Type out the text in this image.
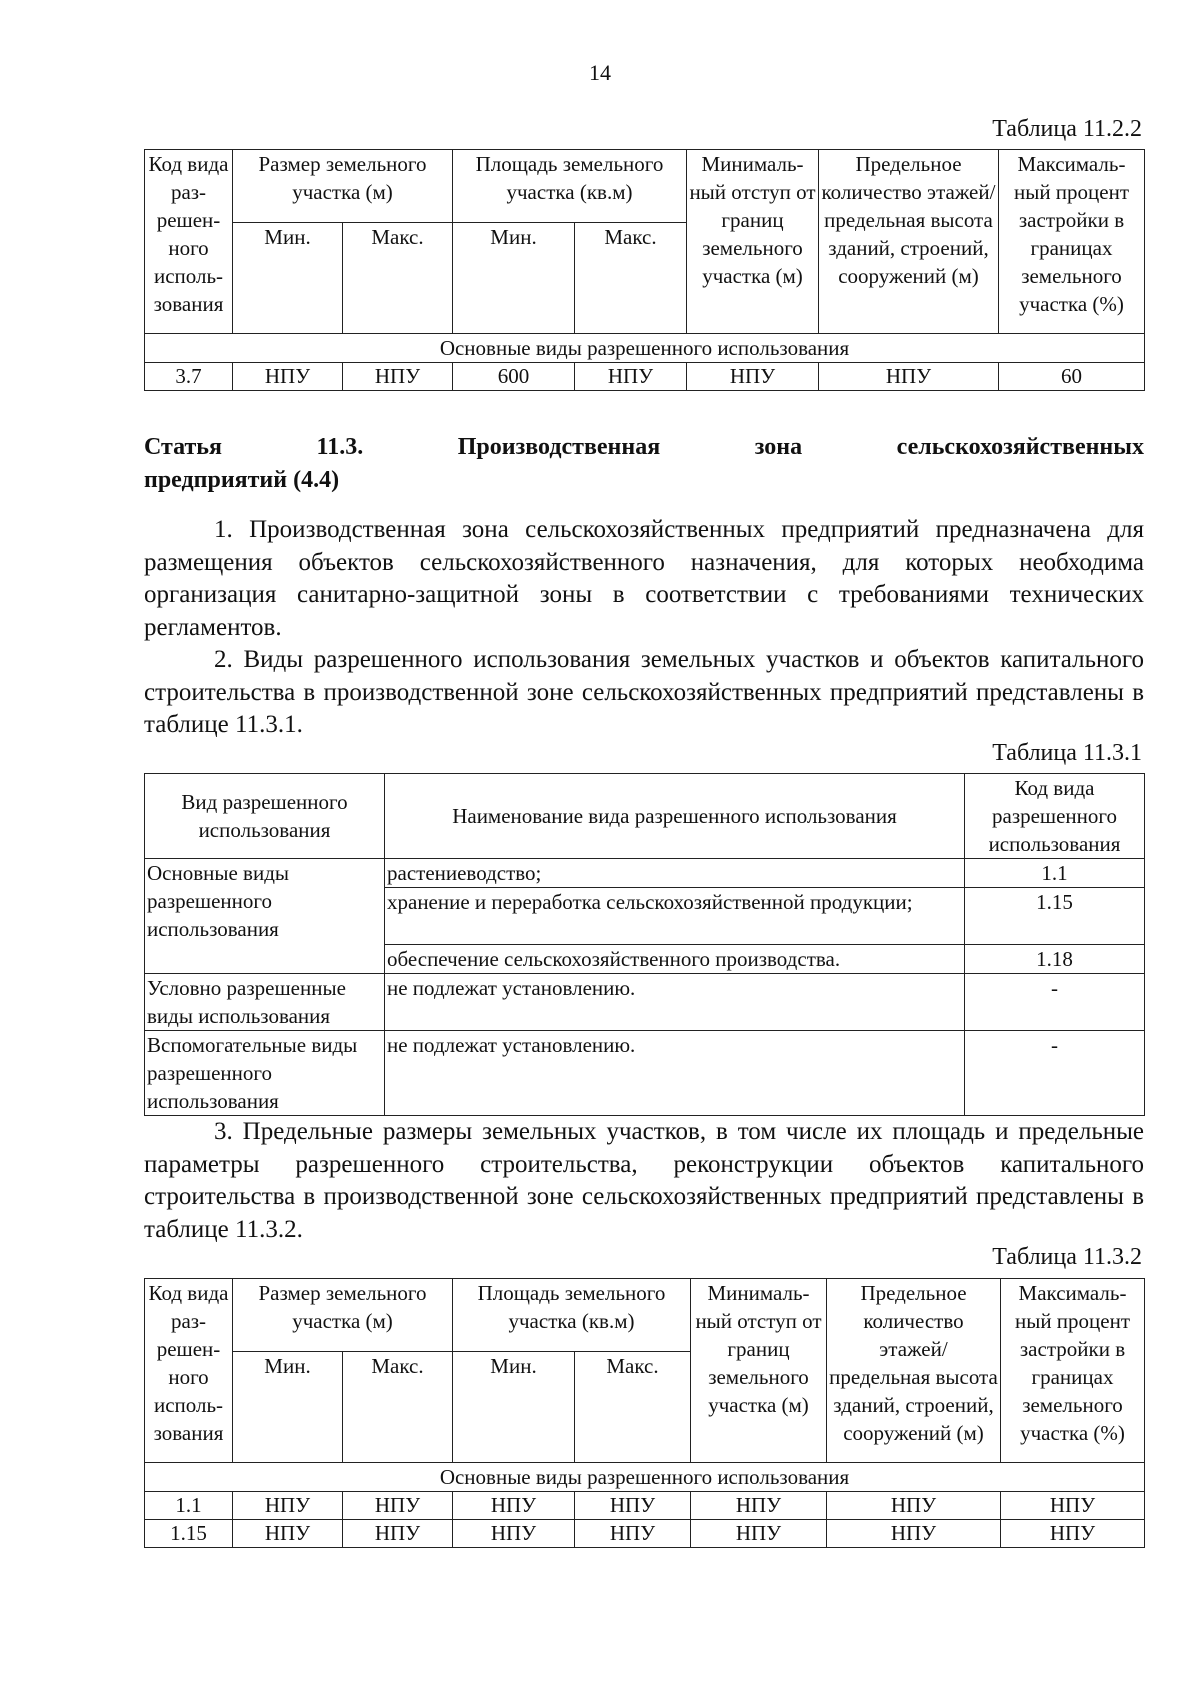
14
Таблица 11.2.2
Код вида раз-решен-ного исполь-зования	Размер земельного участка (м)		Площадь земельного участка (кв.м)		Минималь-ный отступ от границ земельного участка (м)	Предельное количество этажей/ предельная высота зданий, строений, сооружений (м)	Максималь-ный процент застройки в границах земельного участка (%)
	Мин.	Макс.	Мин.	Макс.			
Основные виды разрешенного использования							
3.7	НПУ	НПУ	600	НПУ	НПУ	НПУ	60
Статья	11.3.	Производственная	зона	сельскохозяйственных
предприятий (4.4)

1. Производственная зона сельскохозяйственных предприятий предназначена для размещения объектов сельскохозяйственного назначения, для которых необходима организация санитарно-защитной зоны в соответствии с требованиями технических регламентов.

2. Виды разрешенного использования земельных участков и объектов капитального строительства в производственной зоне сельскохозяйственных предприятий представлены в таблице 11.3.1.

Таблица 11.3.1
Вид разрешенного использования	Наименование вида разрешенного использования	Код вида разрешенного использования
Основные виды разрешенного использования	растениеводство;	1.1
	хранение и переработка сельскохозяйственной продукции;	1.15
	обеспечение сельскохозяйственного производства.	1.18
Условно разрешенные виды использования	не подлежат установлению.	-
Вспомогательные виды разрешенного использования	не подлежат установлению.	-

3. Предельные размеры земельных участков, в том числе их площадь и предельные параметры разрешенного строительства, реконструкции объектов капитального строительства в производственной зоне сельскохозяйственных предприятий представлены в таблице 11.3.2.

Таблица 11.3.2
Код вида раз-решен-ного исполь-зования	Размер земельного участка (м)		Площадь земельного участка (кв.м)		Минималь-ный отступ от границ земельного участка (м)	Предельное количество этажей/ предельная высота зданий, строений, сооружений (м)	Максималь-ный процент застройки в границах земельного участка (%)
	Мин.	Макс.	Мин.	Макс.			
Основные виды разрешенного использования							
1.1	НПУ	НПУ	НПУ	НПУ	НПУ	НПУ	НПУ
1.15	НПУ	НПУ	НПУ	НПУ	НПУ	НПУ	НПУ
